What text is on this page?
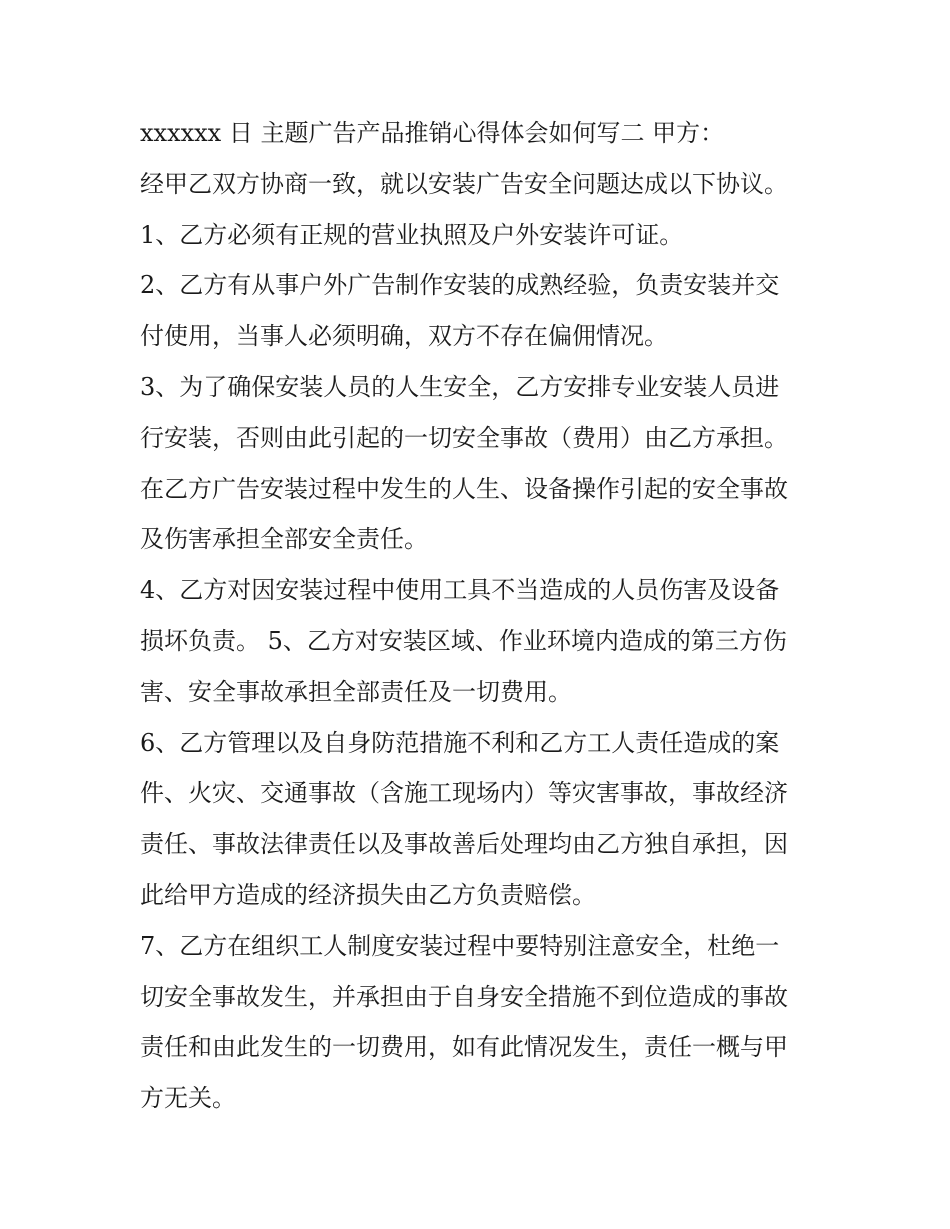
xxxxxx 日 主题广告产品推销心得体会如何写二 甲方：

经甲乙双方协商一致，就以安装广告安全问题达成以下协议。

1、乙方必须有正规的营业执照及户外安装许可证。

2、乙方有从事户外广告制作安装的成熟经验，负责安装并交
付使用，当事人必须明确，双方不存在偏佣情况。

3、为了确保安装人员的人生安全，乙方安排专业安装人员进
行安装，否则由此引起的一切安全事故（费用）由乙方承担。
在乙方广告安装过程中发生的人生、设备操作引起的安全事故
及伤害承担全部安全责任。

4、乙方对因安装过程中使用工具不当造成的人员伤害及设备
损坏负责。 5、乙方对安装区域、作业环境内造成的第三方伤
害、安全事故承担全部责任及一切费用。

6、乙方管理以及自身防范措施不利和乙方工人责任造成的案
件、火灾、交通事故（含施工现场内）等灾害事故，事故经济
责任、事故法律责任以及事故善后处理均由乙方独自承担，因
此给甲方造成的经济损失由乙方负责赔偿。

7、乙方在组织工人制度安装过程中要特别注意安全，杜绝一
切安全事故发生，并承担由于自身安全措施不到位造成的事故
责任和由此发生的一切费用，如有此情况发生，责任一概与甲
方无关。
